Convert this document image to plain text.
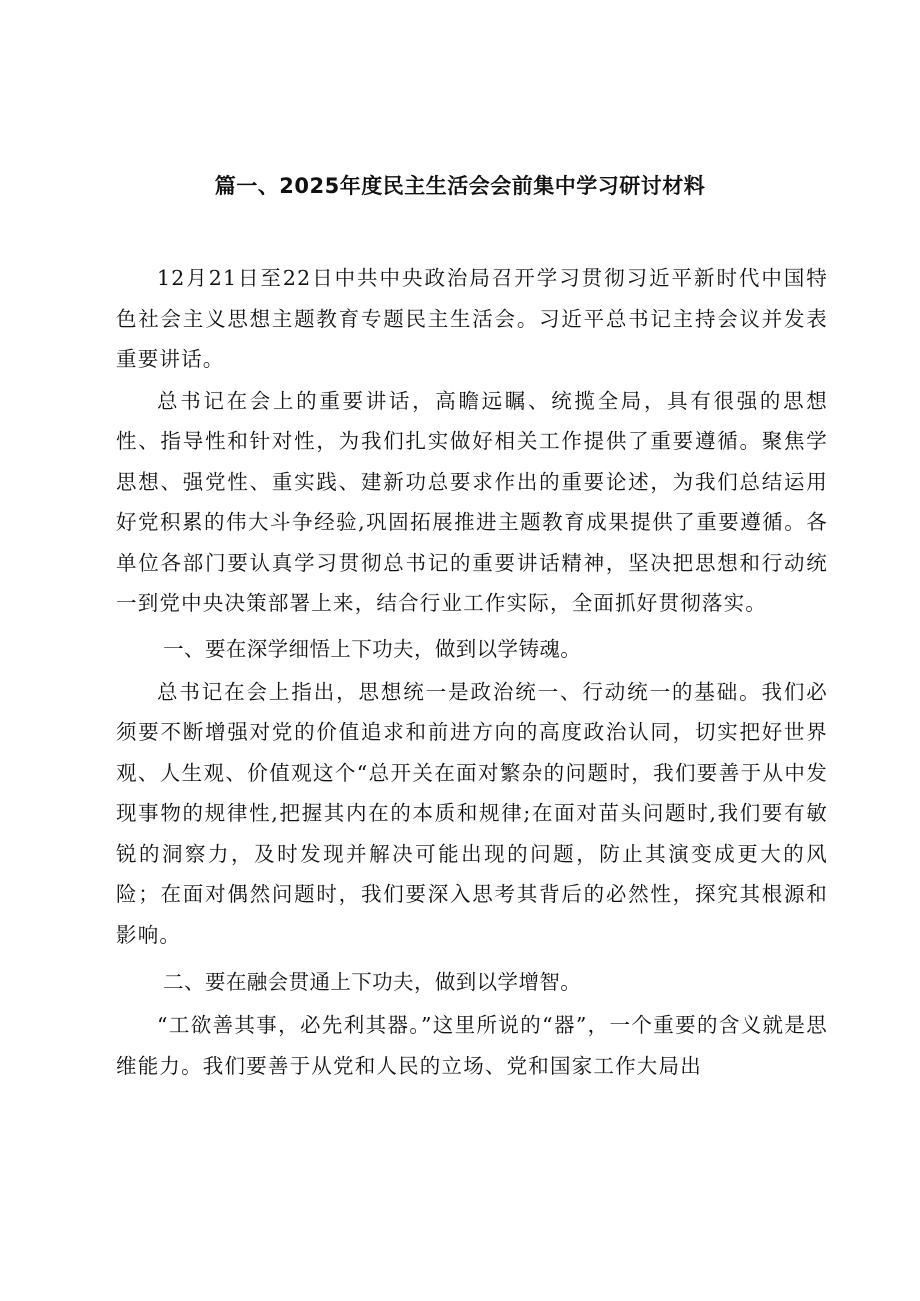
篇一、2025年度民主生活会会前集中学习研讨材料

12月21日至22日中共中央政治局召开学习贯彻习近平新时代中国特色社会主义思想主题教育专题民主生活会。习近平总书记主持会议并发表重要讲话。

总书记在会上的重要讲话，高瞻远瞩、统揽全局，具有很强的思想性、指导性和针对性，为我们扎实做好相关工作提供了重要遵循。聚焦学思想、强党性、重实践、建新功总要求作出的重要论述，为我们总结运用好党积累的伟大斗争经验,巩固拓展推进主题教育成果提供了重要遵循。各单位各部门要认真学习贯彻总书记的重要讲话精神，坚决把思想和行动统一到党中央决策部署上来，结合行业工作实际，全面抓好贯彻落实。

一、要在深学细悟上下功夫，做到以学铸魂。

总书记在会上指出，思想统一是政治统一、行动统一的基础。我们必须要不断增强对党的价值追求和前进方向的高度政治认同，切实把好世界观、人生观、价值观这个“总开关在面对繁杂的问题时，我们要善于从中发现事物的规律性,把握其内在的本质和规律;在面对苗头问题时,我们要有敏锐的洞察力，及时发现并解决可能出现的问题，防止其演变成更大的风险；在面对偶然问题时，我们要深入思考其背后的必然性，探究其根源和影响。

二、要在融会贯通上下功夫，做到以学增智。

“工欲善其事，必先利其器。”这里所说的“器”，一个重要的含义就是思维能力。我们要善于从党和人民的立场、党和国家工作大局出
